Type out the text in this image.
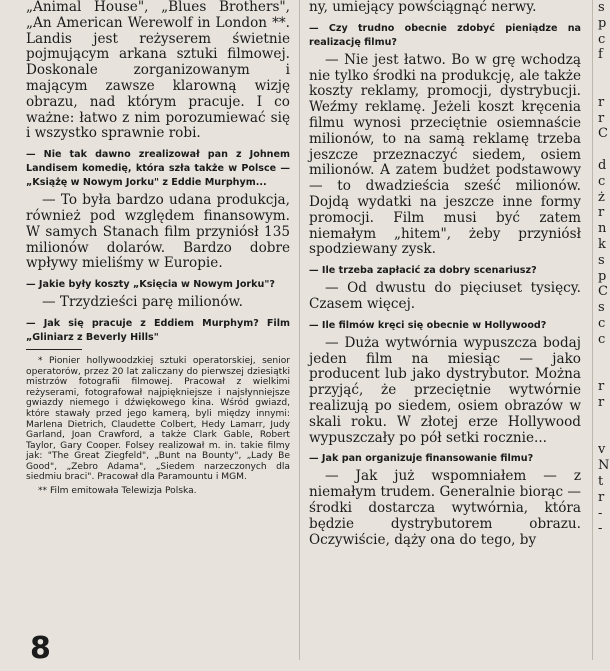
„Animal House", „Blues Brothers", „An American Werewolf in London **. Landis jest reżyserem świetnie pojmującym arkana sztuki filmowej. Doskonale zorganizowanym i mającym zawsze klarowną wizję obrazu, nad którym pracuje. I co ważne: łatwo z nim porozumiewać się i wszystko sprawnie robi.

— Nie tak dawno zrealizował pan z Johnem Landisem komedię, która szła także w Polsce — „Książę w Nowym Jorku" z Eddie Murphym...

— To była bardzo udana produkcja, również pod względem finansowym. W samych Stanach film przyniósł 135 milionów dolarów. Bardzo dobre wpływy mieliśmy w Europie.

— Jakie były koszty „Księcia w Nowym Jorku"?

— Trzydzieści parę milionów.

— Jak się pracuje z Eddiem Murphym? Film „Gliniarz z Beverly Hills"

* Pionier hollywoodzkiej sztuki operatorskiej, senior operatorów, przez 20 lat zaliczany do pierwszej dziesiątki mistrzów fotografii filmowej. Pracował z wielkimi reżyserami, fotografował najpiękniejsze i najsłynniejsze gwiazdy niemego i dźwiękowego kina. Wśród gwiazd, które stawały przed jego kamerą, byli między innymi: Marlena Dietrich, Claudette Colbert, Hedy Lamarr, Judy Garland, Joan Crawford, a także Clark Gable, Robert Taylor, Gary Cooper. Folsey realizował m. in. takie filmy jak: "The Great Ziegfeld", „Bunt na Bounty", „Lady Be Good", „Zebro Adama", „Siedem narzeczonych dla siedmiu braci". Pracował dla Paramountu i MGM.

** Film emitowała Telewizja Polska.

ny, umiejący powściągnąć nerwy.

— Czy trudno obecnie zdobyć pieniądze na realizację filmu?

— Nie jest łatwo. Bo w grę wchodzą nie tylko środki na produkcję, ale także koszty reklamy, promocji, dystrybucji. Weźmy reklamę. Jeżeli koszt kręcenia filmu wynosi przeciętnie osiemnaście milionów, to na samą reklamę trzeba jeszcze przeznaczyć siedem, osiem milionów. A zatem budżet podstawowy — to dwadzieścia sześć milionów. Dojdą wydatki na jeszcze inne formy promocji. Film musi być zatem niemałym „hitem", żeby przyniósł spodziewany zysk.

— Ile trzeba zapłacić za dobry scenariusz?

— Od dwustu do pięciuset tysięcy. Czasem więcej.

— Ile filmów kręci się obecnie w Hollywood?

— Duża wytwórnia wypuszcza bodaj jeden film na miesiąc — jako producent lub jako dystrybutor. Można przyjąć, że przeciętnie wytwórnie realizują po siedem, osiem obrazów w skali roku. W złotej erze Hollywood wypuszczały po pół setki rocznie...

— Jak pan organizuje finansowanie filmu?

— Jak już wspomniałem — z niemałym trudem. Generalnie biorąc — środki dostarcza wytwórnia, która będzie dystrybutorem obrazu. Oczywiście, dąży ona do tego, by

s
p
c
f

r
r
C

d
c
ż
r
n
k
s
p
C
s
c
c

r
r

v
N
t
r
-
-
8
